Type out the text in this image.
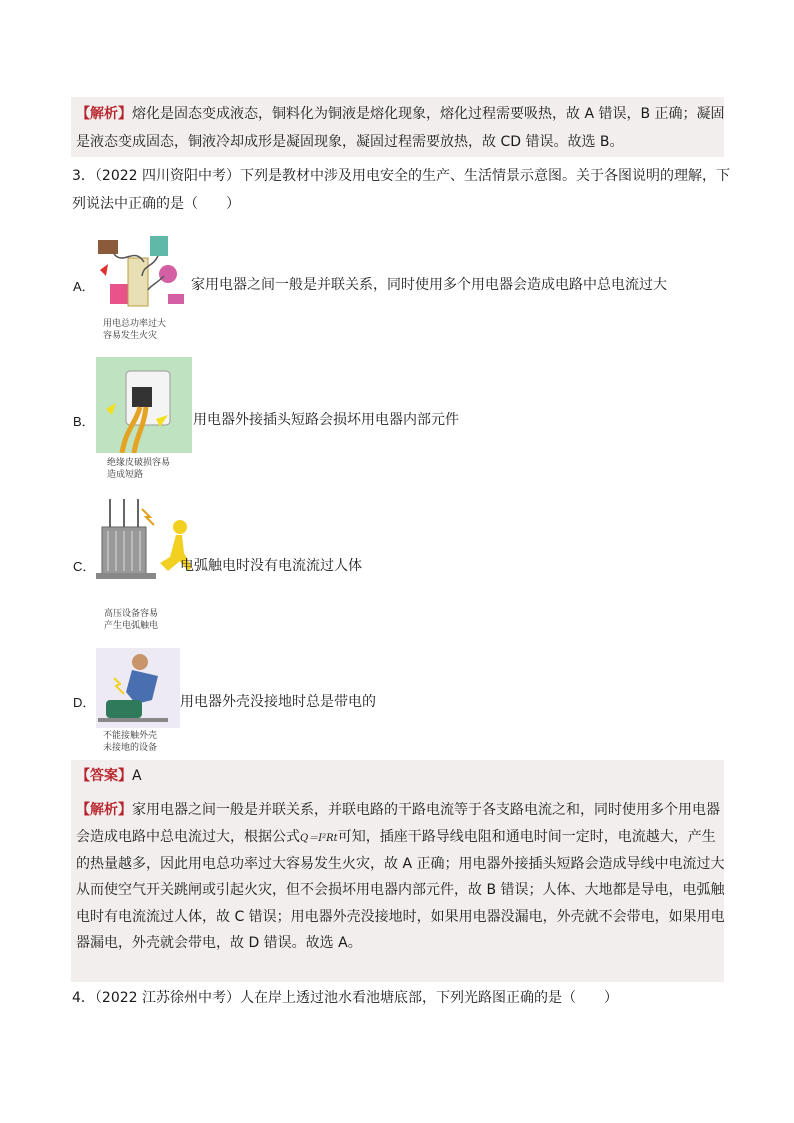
【解析】熔化是固态变成液态，铜料化为铜液是熔化现象，熔化过程需要吸热，故 A 错误，B 正确；凝固
是液态变成固态，铜液冷却成形是凝固现象，凝固过程需要放热，故 CD 错误。故选 B。
3．（2022 四川资阳中考）下列是教材中涉及用电安全的生产、生活情景示意图。关于各图说明的理解，下
列说法中正确的是（　　）
A．
用电总功率过大
容易发生火灾
家用电器之间一般是并联关系，同时使用多个用电器会造成电路中总电流过大
B．
绝缘皮破损容易
造成短路
用电器外接插头短路会损坏用电器内部元件
C．
高压设备容易
产生电弧触电
电弧触电时没有电流流过人体
D．
不能接触外壳
未接地的设备
用电器外壳没接地时总是带电的
【答案】A
【解析】家用电器之间一般是并联关系，并联电路的干路电流等于各支路电流之和，同时使用多个用电器
会造成电路中总电流过大，根据公式Q＝I²Rt可知，插座干路导线电阻和通电时间一定时，电流越大，产生
的热量越多，因此用电总功率过大容易发生火灾，故 A 正确；用电器外接插头短路会造成导线中电流过大
从而使空气开关跳闸或引起火灾，但不会损坏用电器内部元件，故 B 错误；人体、大地都是导电，电弧触
电时有电流流过人体，故 C 错误；用电器外壳没接地时，如果用电器没漏电，外壳就不会带电，如果用电
器漏电，外壳就会带电，故 D 错误。故选 A。
4．（2022 江苏徐州中考）人在岸上透过池水看池塘底部，下列光路图正确的是（　　）
